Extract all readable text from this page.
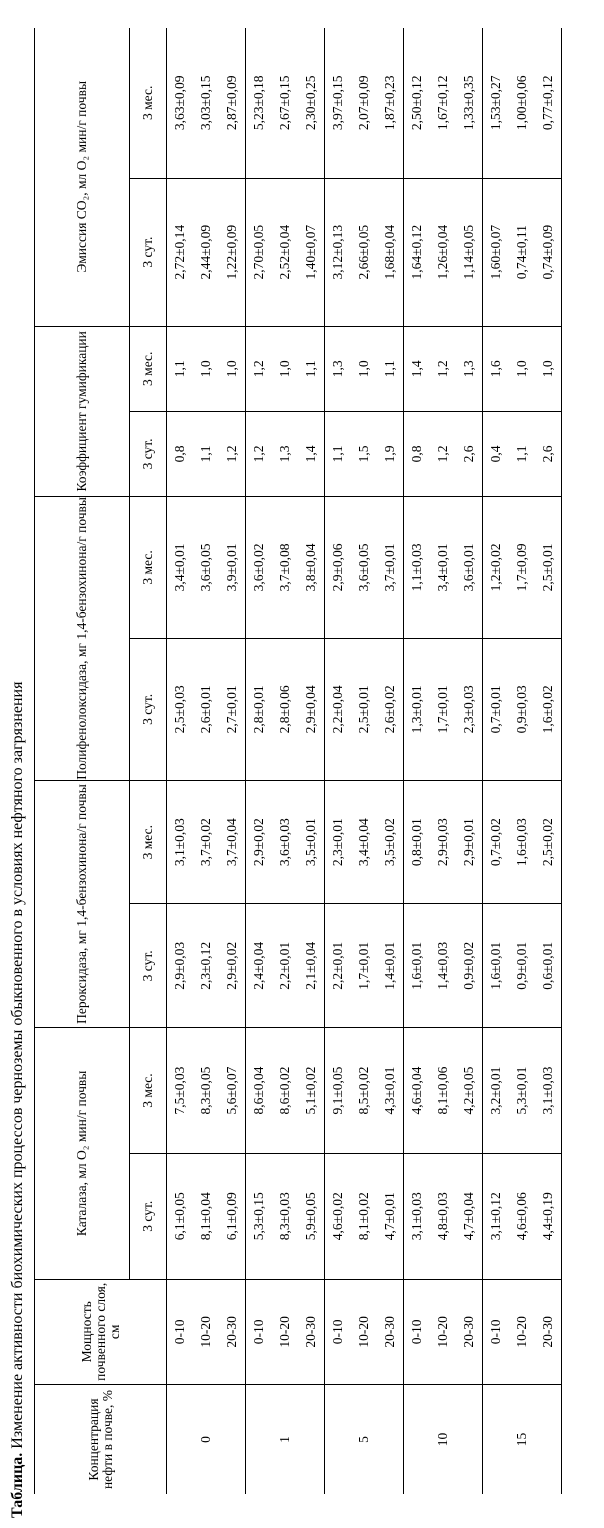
Таблица. Изменение активности биохимических процессов черноземы обыкновенного в условиях нефтяного загрязнения	Концентрация нефти в почве, %	Мощность почвенного слоя, см	Каталаза, мл O₂ мин/г почвы		Пероксидаза, мг 1,4-бензохинона/г почвы		Полифенолоксидаза, мг 1,4-бензохинона/г почвы		Коэффициент гумификации		Эмиссия CO₂, мл O₂ мин/г почвы	
		3 сут.	3 мес.	3 сут.	3 мес.	3 сут.	3 мес.	3 сут.	3 мес.	3 сут.	3 мес.
0	0-10	6,1±0,05	7,5±0,03	2,9±0,03	3,1±0,03	2,5±0,03	3,4±0,01	0,8	1,1	2,72±0,14	3,63±0,09
	10-20	8,1±0,04	8,3±0,05	2,3±0,12	3,7±0,02	2,6±0,01	3,6±0,05	1,1	1,0	2,44±0,09	3,03±0,15
	20-30	6,1±0,09	5,6±0,07	2,9±0,02	3,7±0,04	2,7±0,01	3,9±0,01	1,2	1,0	1,22±0,09	2,87±0,09
1	0-10	5,3±0,15	8,6±0,04	2,4±0,04	2,9±0,02	2,8±0,01	3,6±0,02	1,2	1,2	2,70±0,05	5,23±0,18
	10-20	8,3±0,03	8,6±0,02	2,2±0,01	3,6±0,03	2,8±0,06	3,7±0,08	1,3	1,0	2,52±0,04	2,67±0,15
	20-30	5,9±0,05	5,1±0,02	2,1±0,04	3,5±0,01	2,9±0,04	3,8±0,04	1,4	1,1	1,40±0,07	2,30±0,25
5	0-10	4,6±0,02	9,1±0,05	2,2±0,01	2,3±0,01	2,2±0,04	2,9±0,06	1,1	1,3	3,12±0,13	3,97±0,15
	10-20	8,1±0,02	8,5±0,02	1,7±0,01	3,4±0,04	2,5±0,01	3,6±0,05	1,5	1,0	2,66±0,05	2,07±0,09
	20-30	4,7±0,01	4,3±0,01	1,4±0,01	3,5±0,02	2,6±0,02	3,7±0,01	1,9	1,1	1,68±0,04	1,87±0,23
10	0-10	3,1±0,03	4,6±0,04	1,6±0,01	0,8±0,01	1,3±0,01	1,1±0,03	0,8	1,4	1,64±0,12	2,50±0,12
	10-20	4,8±0,03	8,1±0,06	1,4±0,03	2,9±0,03	1,7±0,01	3,4±0,01	1,2	1,2	1,26±0,04	1,67±0,12
	20-30	4,7±0,04	4,2±0,05	0,9±0,02	2,9±0,01	2,3±0,03	3,6±0,01	2,6	1,3	1,14±0,05	1,33±0,35
15	0-10	3,1±0,12	3,2±0,01	1,6±0,01	0,7±0,02	0,7±0,01	1,2±0,02	0,4	1,6	1,60±0,07	1,53±0,27
	10-20	4,6±0,06	5,3±0,01	0,9±0,01	1,6±0,03	0,9±0,03	1,7±0,09	1,1	1,0	0,74±0,11	1,00±0,06
	20-30	4,4±0,19	3,1±0,03	0,6±0,01	2,5±0,02	1,6±0,02	2,5±0,01	2,6	1,0	0,74±0,09	0,77±0,12
